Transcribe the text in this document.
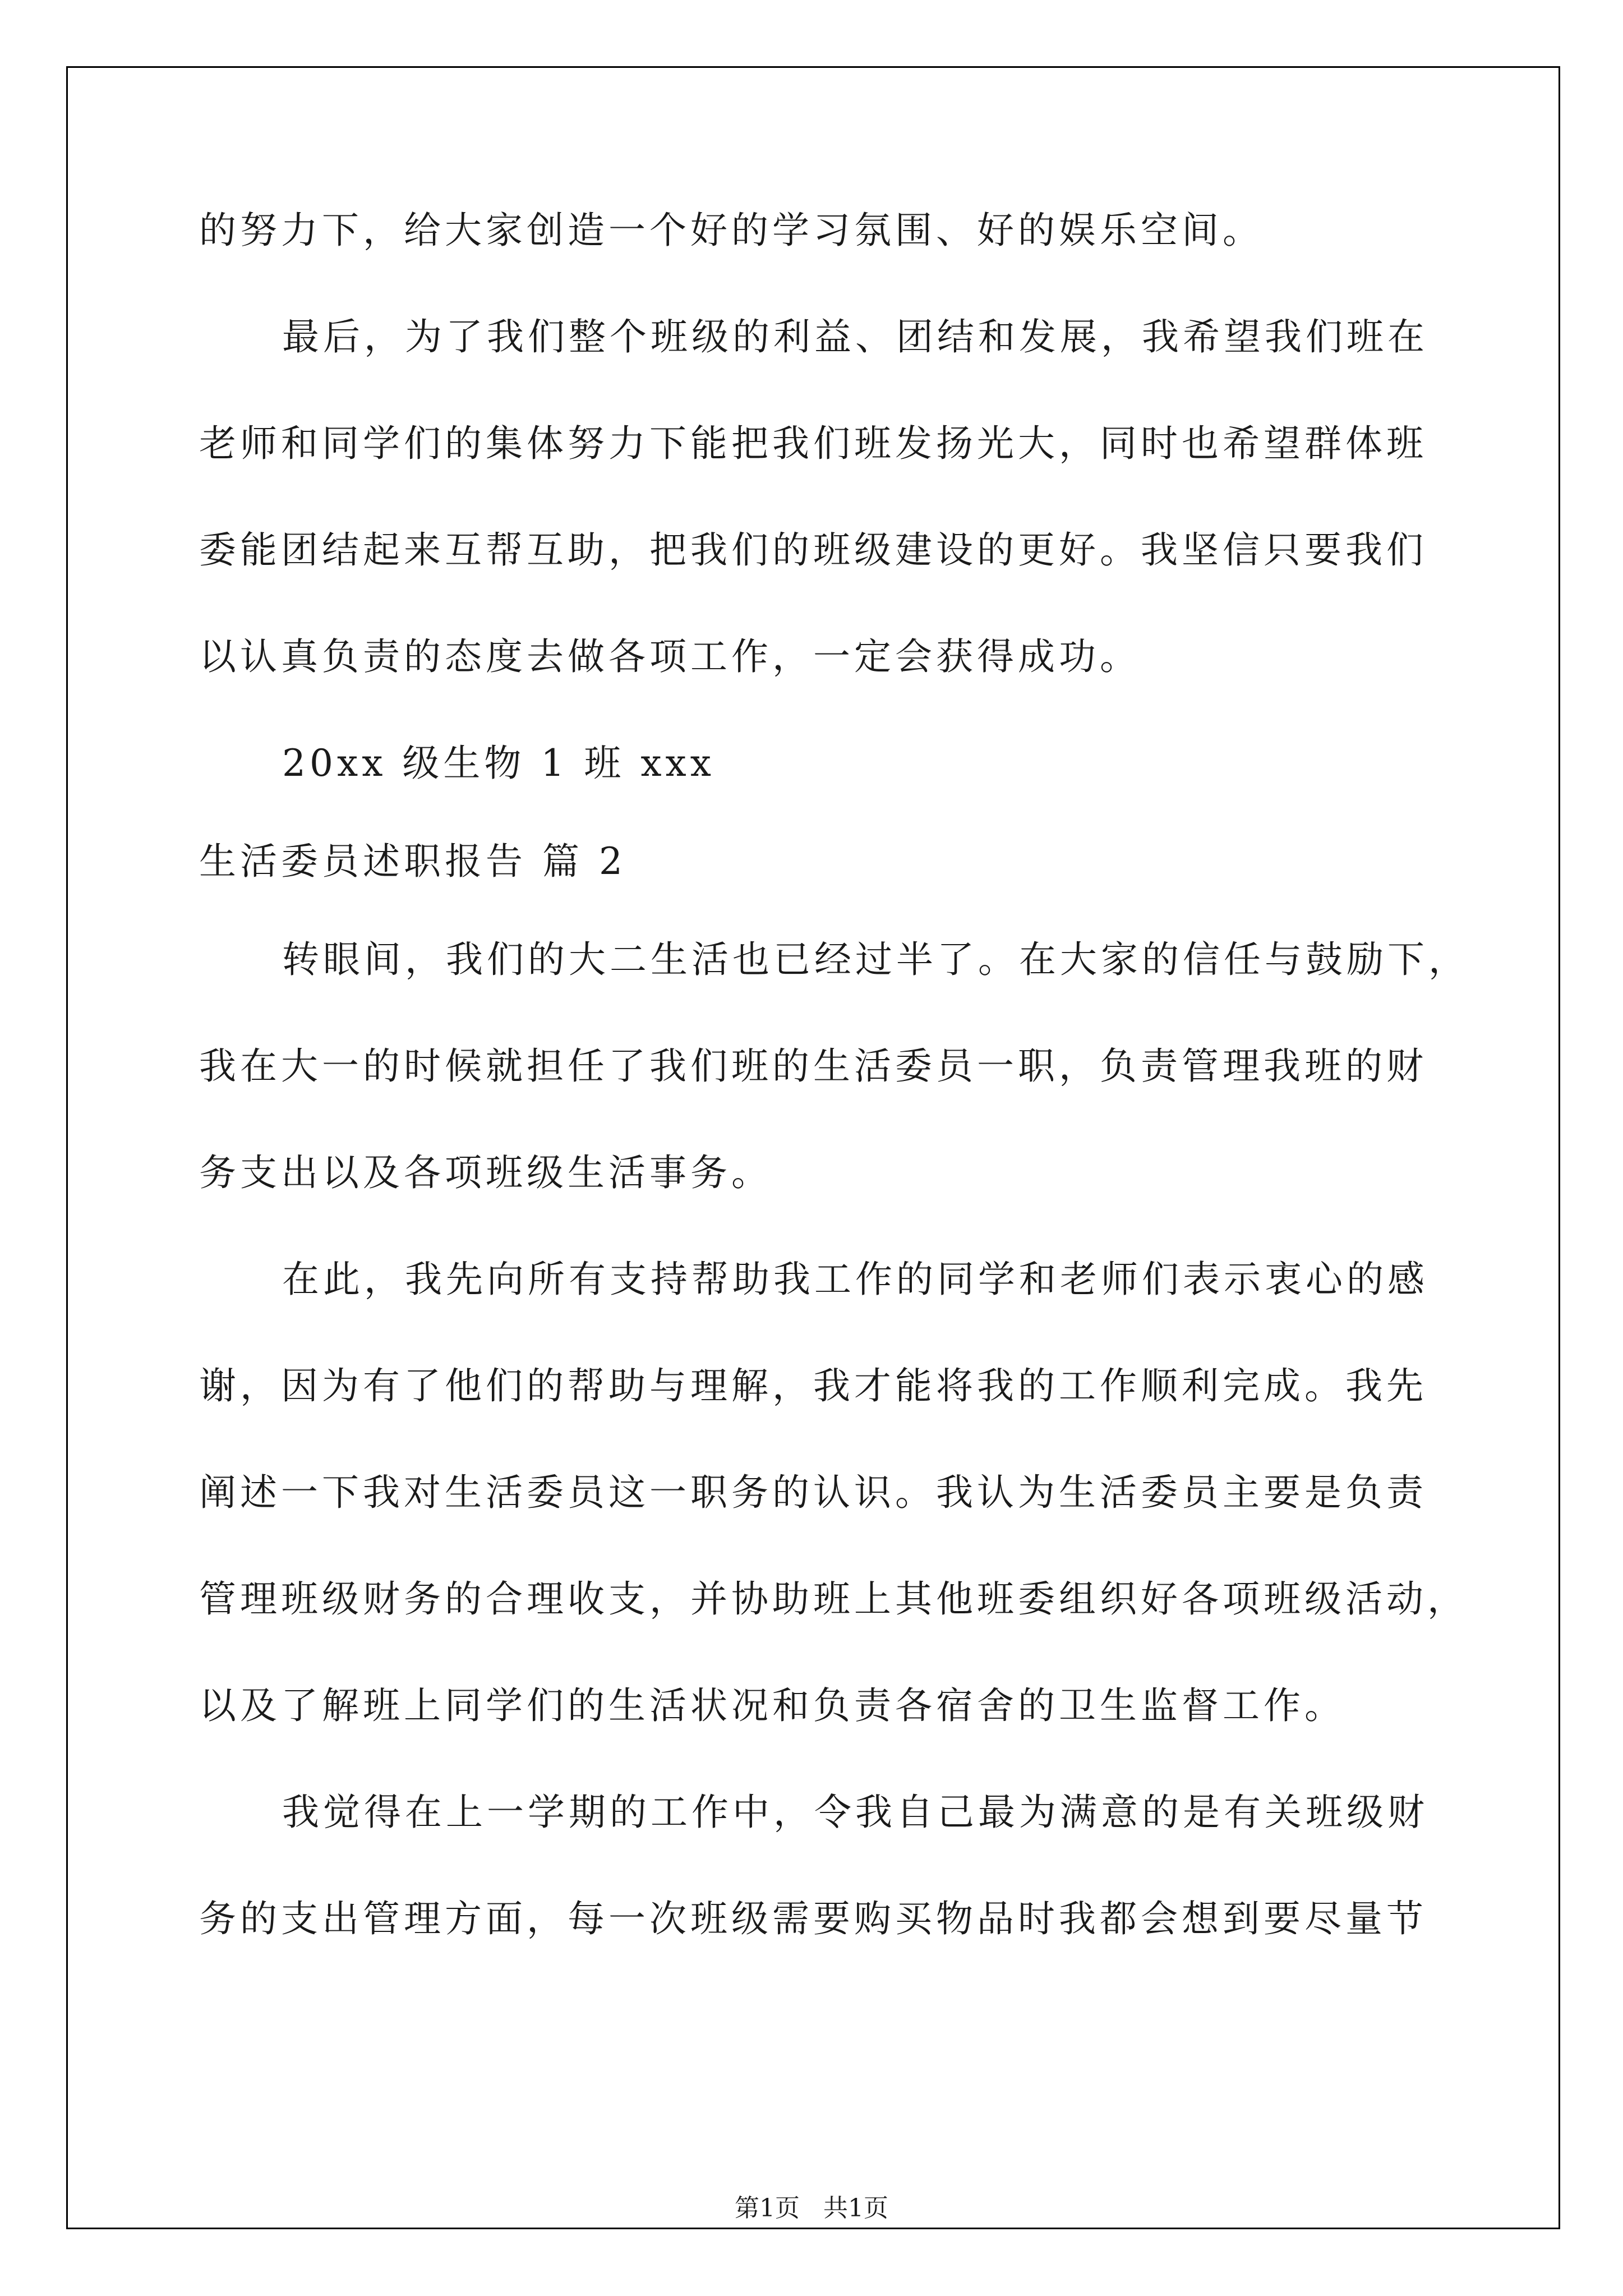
的努力下，给大家创造一个好的学习氛围、好的娱乐空间。
最后，为了我们整个班级的利益、团结和发展，我希望我们班在
老师和同学们的集体努力下能把我们班发扬光大，同时也希望群体班
委能团结起来互帮互助，把我们的班级建设的更好。我坚信只要我们
以认真负责的态度去做各项工作，一定会获得成功。
20xx 级生物 1 班 xxx
生活委员述职报告 篇 2
转眼间，我们的大二生活也已经过半了。在大家的信任与鼓励下，
我在大一的时候就担任了我们班的生活委员一职，负责管理我班的财
务支出以及各项班级生活事务。
在此，我先向所有支持帮助我工作的同学和老师们表示衷心的感
谢，因为有了他们的帮助与理解，我才能将我的工作顺利完成。我先
阐述一下我对生活委员这一职务的认识。我认为生活委员主要是负责
管理班级财务的合理收支，并协助班上其他班委组织好各项班级活动，
以及了解班上同学们的生活状况和负责各宿舍的卫生监督工作。
我觉得在上一学期的工作中，令我自己最为满意的是有关班级财
务的支出管理方面，每一次班级需要购买物品时我都会想到要尽量节
第1页   共1页
